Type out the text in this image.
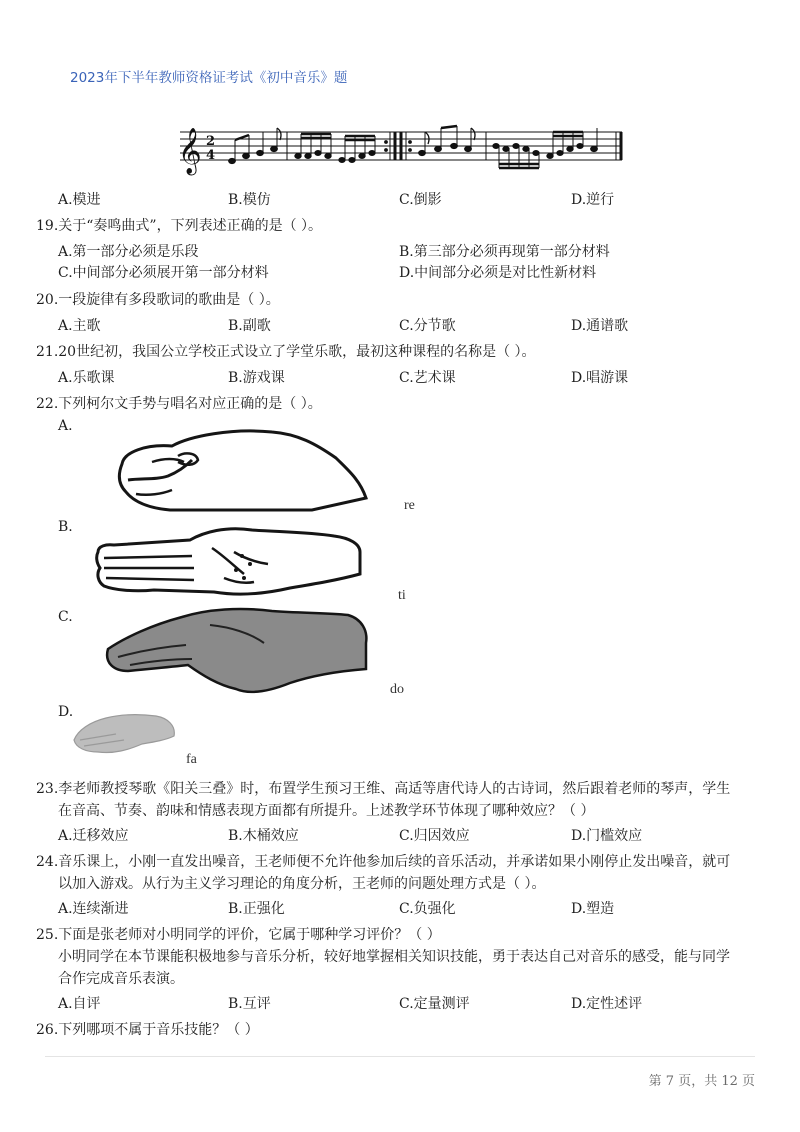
2023年下半年教师资格证考试《初中音乐》题
𝄞 2
4
A.模进	B.模仿	C.倒影	D.逆行
19.关于“奏鸣曲式”，下列表述正确的是（ ）。
A.第一部分必须是乐段	B.第三部分必须再现第一部分材料
C.中间部分必须展开第一部分材料	D.中间部分必须是对比性新材料
20.一段旋律有多段歌词的歌曲是（ ）。
A.主歌	B.副歌	C.分节歌	D.通谱歌
21.20世纪初，我国公立学校正式设立了学堂乐歌，最初这种课程的名称是（ ）。
A.乐歌课	B.游戏课	C.艺术课	D.唱游课
22.下列柯尔文手势与唱名对应正确的是（ ）。
A.
re
B.
ti
C.
do
D.
fa
23.李老师教授琴歌《阳关三叠》时，布置学生预习王维、高适等唐代诗人的古诗词，然后跟着老师的琴声，学生
在音高、节奏、韵味和情感表现方面都有所提升。上述教学环节体现了哪种效应？（ ）
A.迁移效应	B.木桶效应	C.归因效应	D.门槛效应
24.音乐课上，小刚一直发出噪音，王老师便不允许他参加后续的音乐活动，并承诺如果小刚停止发出噪音，就可
以加入游戏。从行为主义学习理论的角度分析，王老师的问题处理方式是（ ）。
A.连续渐进	B.正强化	C.负强化	D.塑造
25.下面是张老师对小明同学的评价，它属于哪种学习评价？（ ）
小明同学在本节课能积极地参与音乐分析，较好地掌握相关知识技能，勇于表达自己对音乐的感受，能与同学
合作完成音乐表演。
A.自评	B.互评	C.定量测评	D.定性述评
26.下列哪项不属于音乐技能？（ ）
第 7 页，共 12 页
